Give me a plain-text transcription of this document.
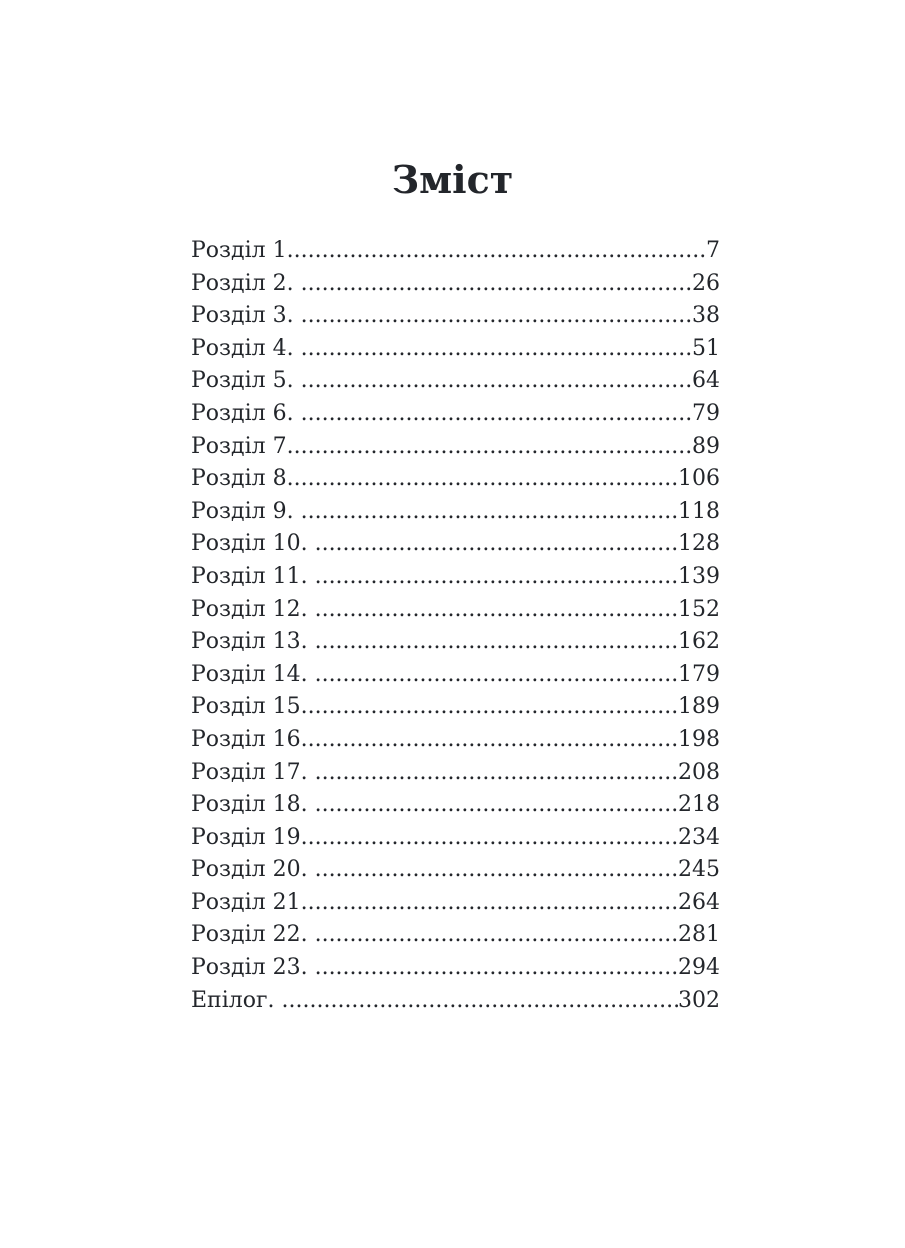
Зміст
Розділ 1 .....	7
Розділ 2. .....	26
Розділ 3. .....	38
Розділ 4. .....	51
Розділ 5. .....	64
Розділ 6. .....	79
Розділ 7 .....	89
Розділ 8 .....	106
Розділ 9. .....	118
Розділ 10. .....	128
Розділ 11. .....	139
Розділ 12. .....	152
Розділ 13. .....	162
Розділ 14. .....	179
Розділ 15 .....	189
Розділ 16 .....	198
Розділ 17. .....	208
Розділ 18. .....	218
Розділ 19 .....	234
Розділ 20. .....	245
Розділ 21 .....	264
Розділ 22. .....	281
Розділ 23. .....	294
Епілог. .....	302
